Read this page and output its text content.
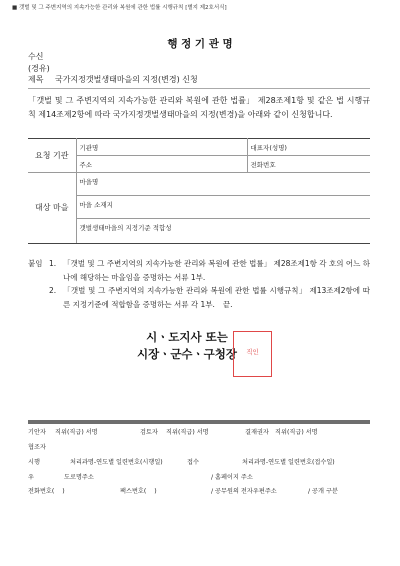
■ 갯벌 및 그 주변지역의 지속가능한 관리와 복원에 관한 법률 시행규칙 [별지 제2호서식]
행 정 기 관 명
수신
(경유)
제목 국가지정갯벌생태마을의 지정(변경) 신청

「갯벌 및 그 주변지역의 지속가능한 관리와 복원에 관한 법률」 제28조제1항 및 같은 법 시행규칙 제14조제2항에 따라 국가지정갯벌생태마을의 지정(변경)을 아래와 같이 신청합니다.

요청 기관	기관명	대표자(성명)
	주소	전화번호
대상 마을	마을명	
	마을 소재지	
	갯벌생태마을의 지정기준 적합성	
붙임 1. 「갯벌 및 그 주변지역의 지속가능한 관리와 복원에 관한 법률」 제28조제1항 각 호의 어느 하나에 해당하는 마을임을 증명하는 서류 1부.
2. 「갯벌 및 그 주변지역의 지속가능한 관리와 복원에 관한 법률 시행규칙」 제13조제2항에 따른 지정기준에 적합함을 증명하는 서류 각 1부. 끝.
시ㆍ도지사 또는
시장ㆍ군수ㆍ구청장	직인
기안자 직위(직급) 서명	검토자 직위(직급) 서명	결재권자 직위(직급) 서명
협조자
시행	처리과명-연도별 일련번호(시행일)	접수	처리과명-연도별 일련번호(접수일)
우	도로명주소	/ 홈페이지 주소
전화번호(    )	팩스번호(    )	/ 공무원의 전자우편주소	/ 공개 구분
